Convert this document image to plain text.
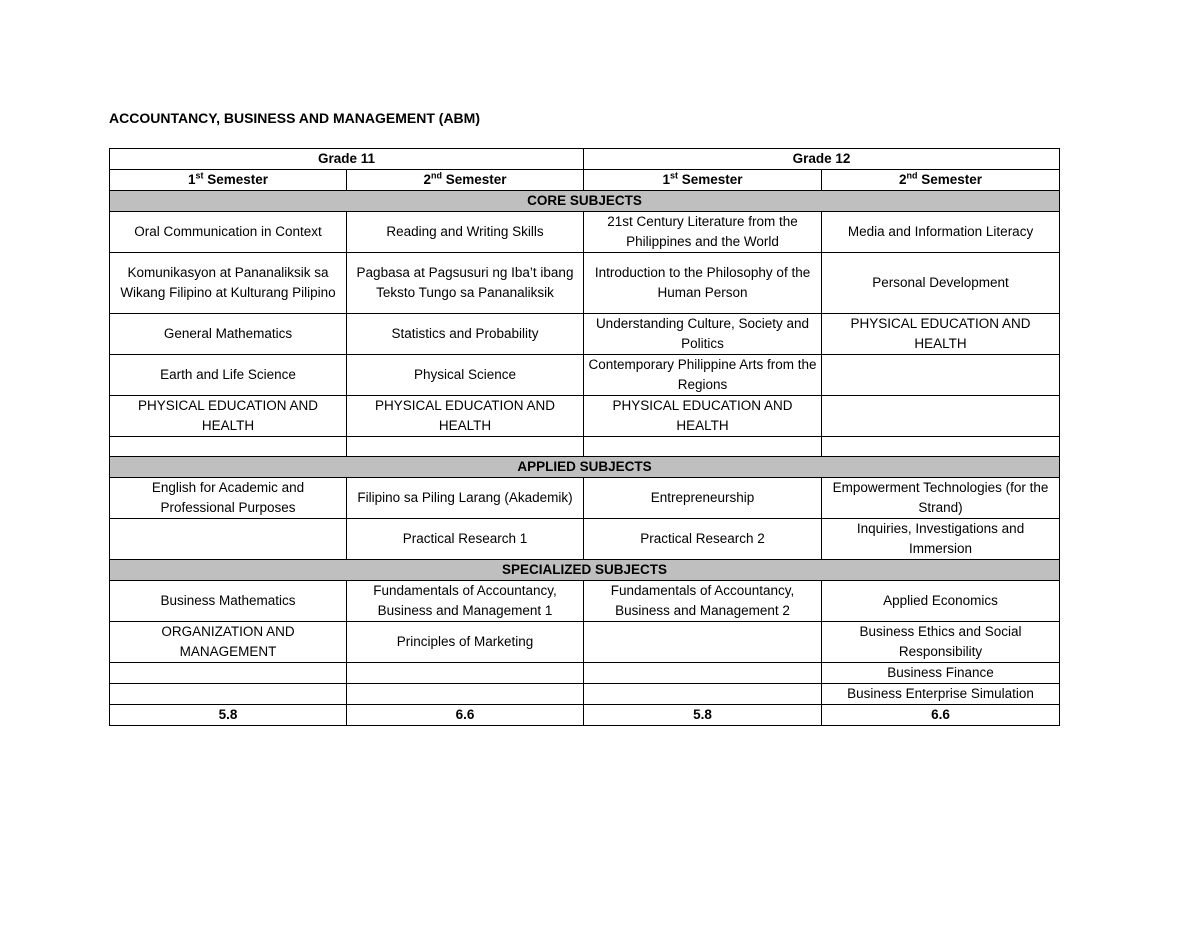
ACCOUNTANCY, BUSINESS AND MANAGEMENT (ABM)
Grade 11		Grade 12	
1st Semester	2nd Semester	1st Semester	2nd Semester
CORE SUBJECTS			
Oral Communication in Context	Reading and Writing Skills	21st Century Literature from the Philippines and the World	Media and Information Literacy
Komunikasyon at Pananaliksik sa Wikang Filipino at Kulturang Pilipino	Pagbasa at Pagsusuri ng Iba’t ibang Teksto Tungo sa Pananaliksik	Introduction to the Philosophy of the Human Person	Personal Development
General Mathematics	Statistics and Probability	Understanding Culture, Society and Politics	PHYSICAL EDUCATION AND HEALTH
Earth and Life Science	Physical Science	Contemporary Philippine Arts from the Regions	
PHYSICAL EDUCATION AND HEALTH	PHYSICAL EDUCATION AND HEALTH	PHYSICAL EDUCATION AND HEALTH	

APPLIED SUBJECTS			
English for Academic and Professional Purposes	Filipino sa Piling Larang (Akademik)	Entrepreneurship	Empowerment Technologies (for the Strand)
	Practical Research 1	Practical Research 2	Inquiries, Investigations and Immersion
SPECIALIZED SUBJECTS			
Business Mathematics	Fundamentals of Accountancy, Business and Management 1	Fundamentals of Accountancy, Business and Management 2	Applied Economics
ORGANIZATION AND MANAGEMENT	Principles of Marketing		Business Ethics and Social Responsibility
			Business Finance
			Business Enterprise Simulation
5.8	6.6	5.8	6.6
